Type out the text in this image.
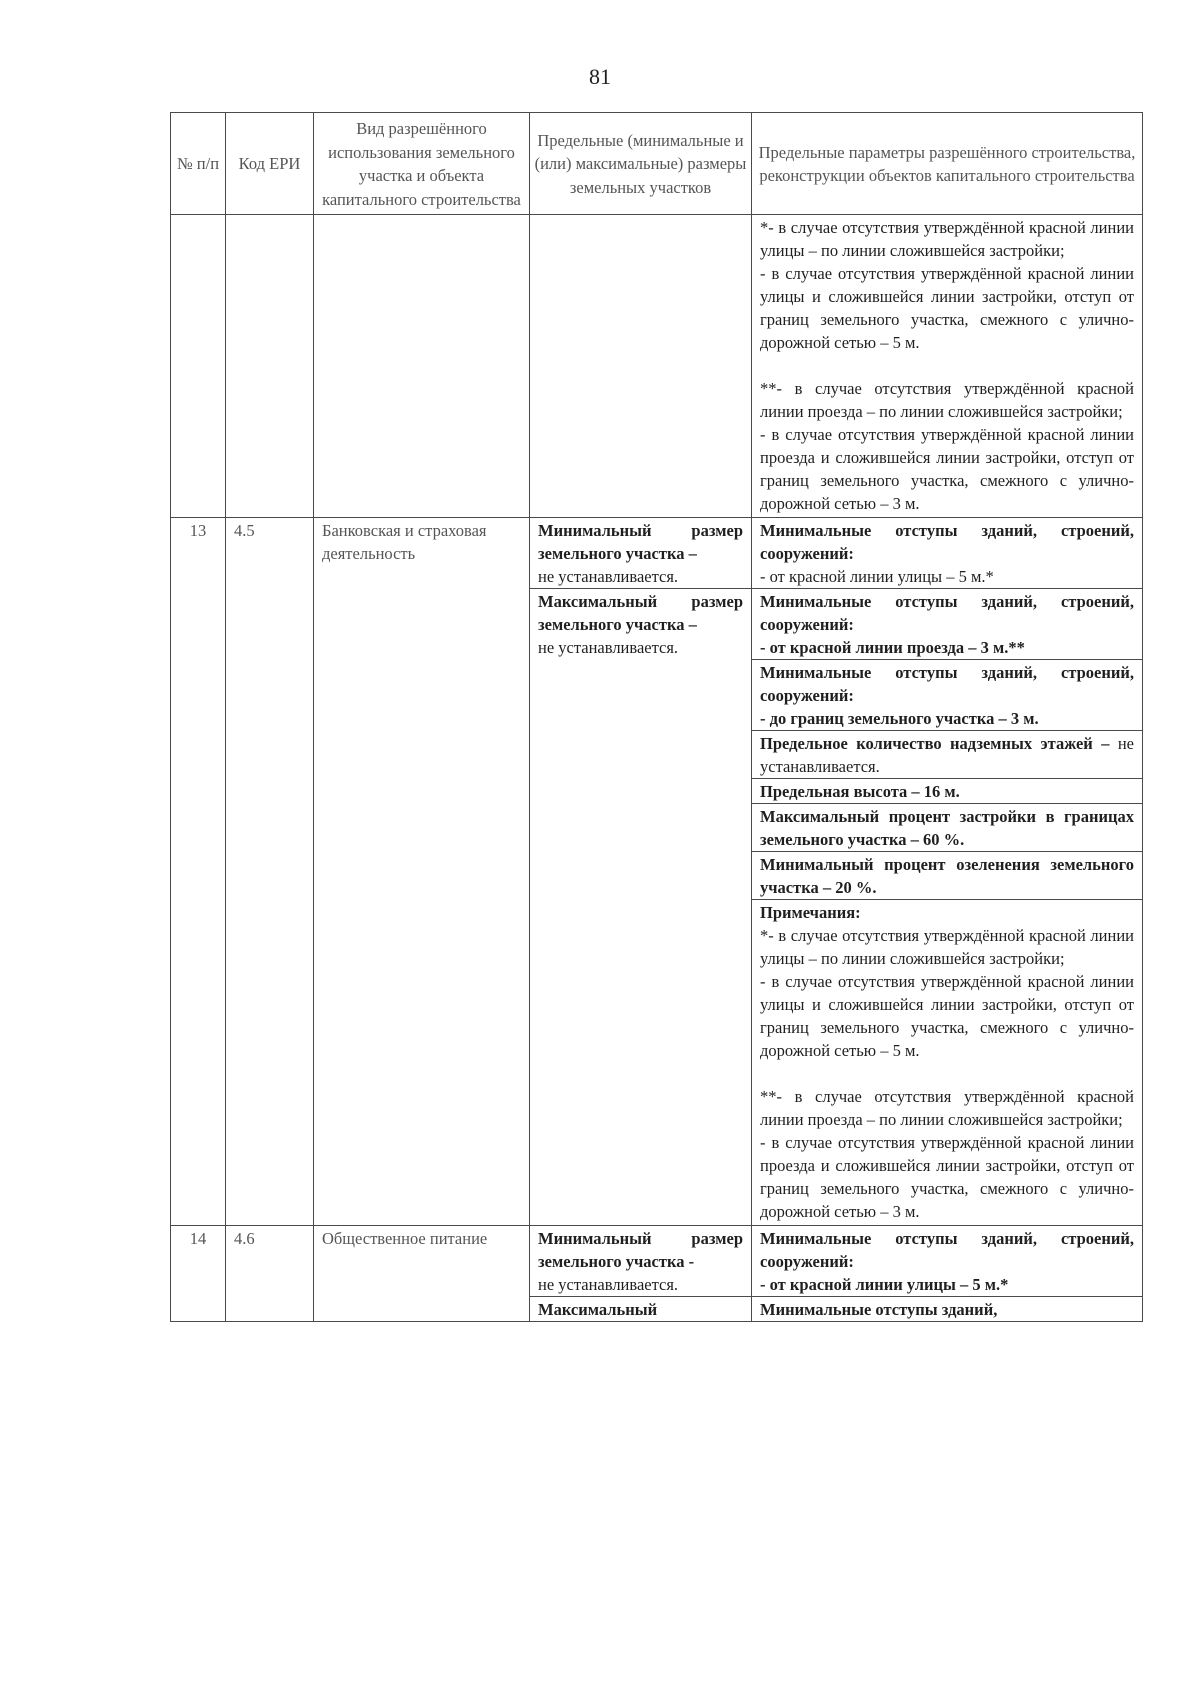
81
№ п/п	Код ЕРИ	Вид разрешённого использования земельного участка и объекта капитального строительства	Предельные (минимальные и (или) максимальные) размеры земельных участков	Предельные параметры разрешённого строительства, реконструкции объектов капитального строительства

				*- в случае отсутствия утверждённой красной линии улицы – по линии сложившейся застройки;
- в случае отсутствия утверждённой красной линии улицы и сложившейся линии застройки, отступ от границ земельного участка, смежного с улично-дорожной сетью – 5 м.
**- в случае отсутствия утверждённой красной линии проезда – по линии сложившейся застройки;
- в случае отсутствия утверждённой красной линии проезда и сложившейся линии застройки, отступ от границ земельного участка, смежного с улично-дорожной сетью – 3 м.

13	4.5	Банковская и страховая деятельность	Минимальный размер земельного участка –
не устанавливается.	Минимальные отступы зданий, строений, сооружений:
- от красной линии улицы – 5 м.*

			Максимальный размер земельного участка –
не устанавливается.	Минимальные отступы зданий, строений, сооружений:
- от красной линии проезда – 3 м.**

				Минимальные отступы зданий, строений, сооружений:
- до границ земельного участка – 3 м.

				Предельное количество надземных этажей – не устанавливается.
				Предельная высота – 16 м.
				Максимальный процент застройки в границах земельного участка – 60 %.
				Минимальный процент озеленения земельного участка – 20 %.

				Примечания:
*- в случае отсутствия утверждённой красной линии улицы – по линии сложившейся застройки;
- в случае отсутствия утверждённой красной линии улицы и сложившейся линии застройки, отступ от границ земельного участка, смежного с улично-дорожной сетью – 5 м.
**- в случае отсутствия утверждённой красной линии проезда – по линии сложившейся застройки;
- в случае отсутствия утверждённой красной линии проезда и сложившейся линии застройки, отступ от границ земельного участка, смежного с улично-дорожной сетью – 3 м.

14	4.6	Общественное питание	Минимальный размер земельного участка -
не устанавливается.	Минимальные отступы зданий, строений, сооружений:
- от красной линии улицы – 5 м.*

			Максимальный	Минимальные отступы зданий,
